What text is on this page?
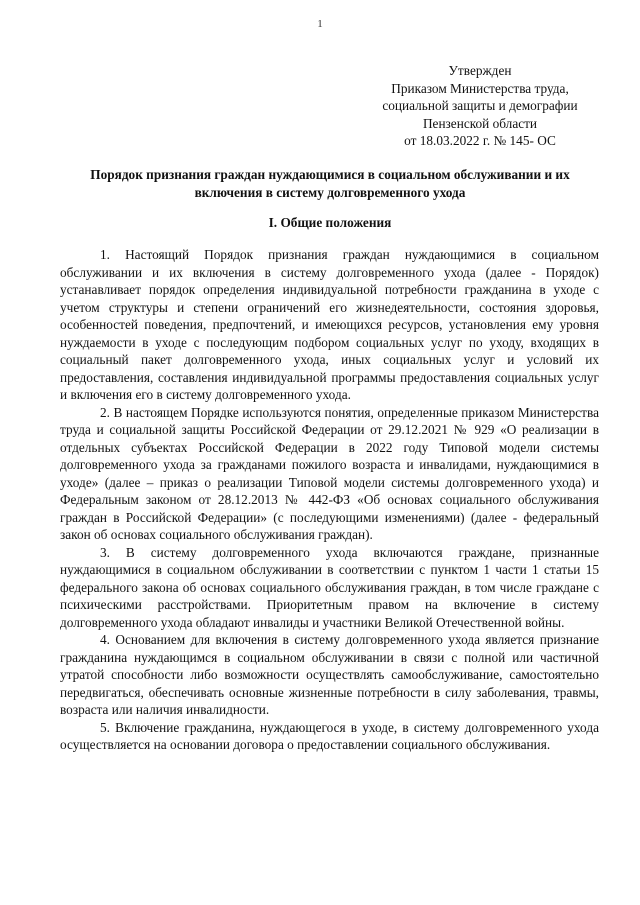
1
Утвержден
Приказом Министерства труда,
социальной защиты и демографии
Пензенской области
от 18.03.2022 г. № 145- ОС
Порядок признания граждан нуждающимися в социальном обслуживании и их включения в систему долговременного ухода
I. Общие положения

1. Настоящий Порядок признания граждан нуждающимися в социальном обслуживании и их включения в систему долговременного ухода (далее - Порядок) устанавливает порядок определения индивидуальной потребности гражданина в уходе с учетом структуры и степени ограничений его жизнедеятельности, состояния здоровья, особенностей поведения, предпочтений, и имеющихся ресурсов, установления ему уровня нуждаемости в уходе с последующим подбором социальных услуг по уходу, входящих в социальный пакет долговременного ухода, иных социальных услуг и условий их предоставления, составления индивидуальной программы предоставления социальных услуг и включения его в систему долговременного ухода.

2. В настоящем Порядке используются понятия, определенные приказом Министерства труда и социальной защиты Российской Федерации от 29.12.2021 № 929 «О реализации в отдельных субъектах Российской Федерации в 2022 году Типовой модели системы долговременного ухода за гражданами пожилого возраста и инвалидами, нуждающимися в уходе» (далее – приказ о реализации Типовой модели системы долговременного ухода) и Федеральным законом от 28.12.2013 № 442-ФЗ «Об основах социального обслуживания граждан в Российской Федерации» (с последующими изменениями) (далее - федеральный закон об основах социального обслуживания граждан).

3. В систему долговременного ухода включаются граждане, признанные нуждающимися в социальном обслуживании в соответствии с пунктом 1 части 1 статьи 15 федерального закона об основах социального обслуживания граждан, в том числе граждане с психическими расстройствами. Приоритетным правом на включение в систему долговременного ухода обладают инвалиды и участники Великой Отечественной войны.

4. Основанием для включения в систему долговременного ухода является признание гражданина нуждающимся в социальном обслуживании в связи с полной или частичной утратой способности либо возможности осуществлять самообслуживание, самостоятельно передвигаться, обеспечивать основные жизненные потребности в силу заболевания, травмы, возраста или наличия инвалидности.

5. Включение гражданина, нуждающегося в уходе, в систему долговременного ухода осуществляется на основании договора о предоставлении социального обслуживания.
